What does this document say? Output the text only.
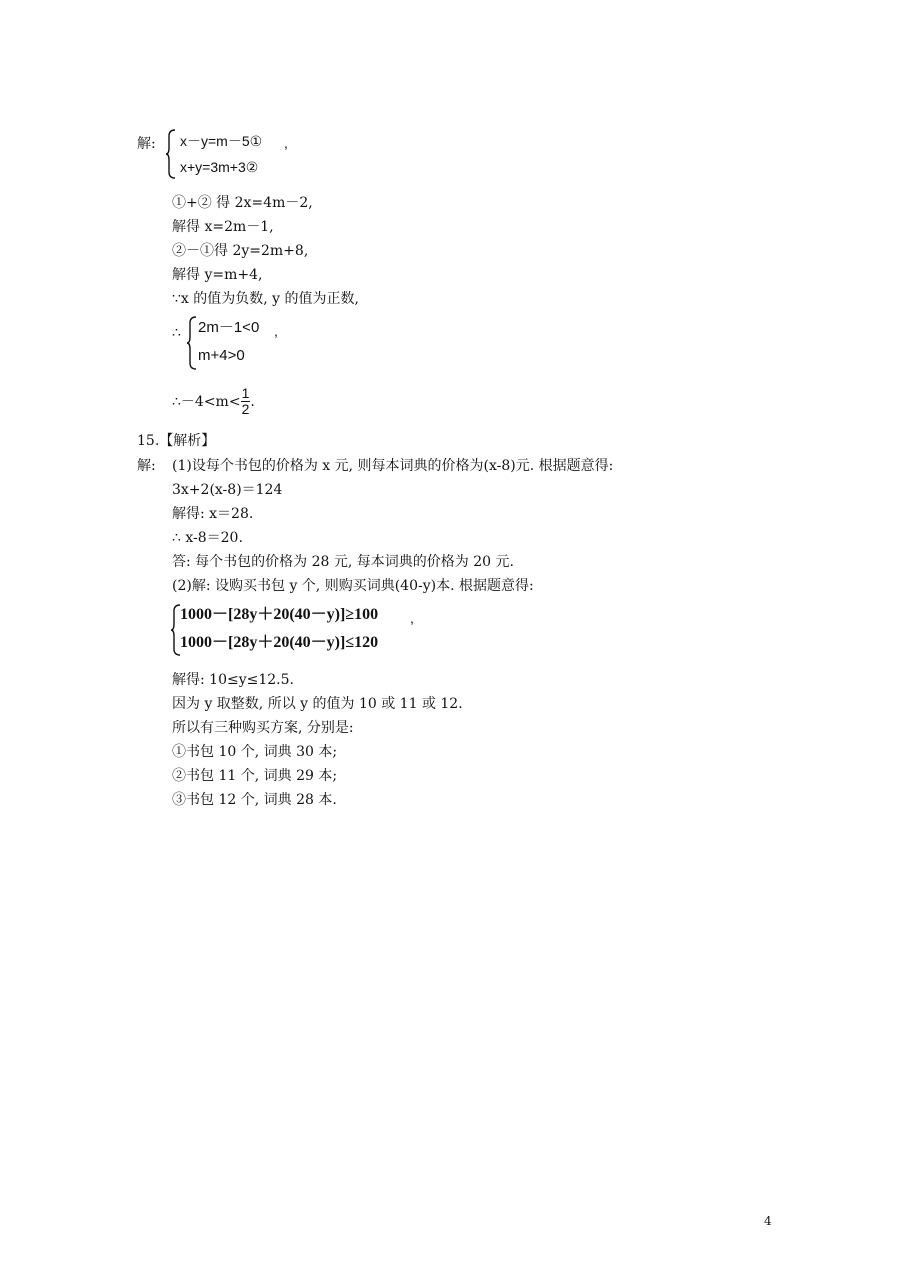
解: x－y=m－5① ,
x+y=3m+3②
①+② 得 2x=4m－2,
解得 x=2m－1,
②－①得 2y=2m+8,
解得 y=m+4,
∵x 的值为负数, y 的值为正数,
∴ 2m－1<0 ,
m+4>0
∴－4<m< $\frac{1}{2}$ .
15.【解析】
解: (1)设每个书包的价格为 x 元, 则每本词典的价格为(x-8)元. 根据题意得:
3x+2(x-8)＝124
解得: x＝28.
∴ x-8＝20.
答: 每个书包的价格为 28 元, 每本词典的价格为 20 元.
(2)解: 设购买书包 y 个, 则购买词典(40-y)本. 根据题意得:
1000－[28y＋20(40－y)]≥100 ,
1000－[28y＋20(40－y)]≤120
解得: 10≤y≤12.5.
因为 y 取整数, 所以 y 的值为 10 或 11 或 12.
所以有三种购买方案, 分别是:
①书包 10 个, 词典 30 本;
②书包 11 个, 词典 29 本;
③书包 12 个, 词典 28 本.
4
